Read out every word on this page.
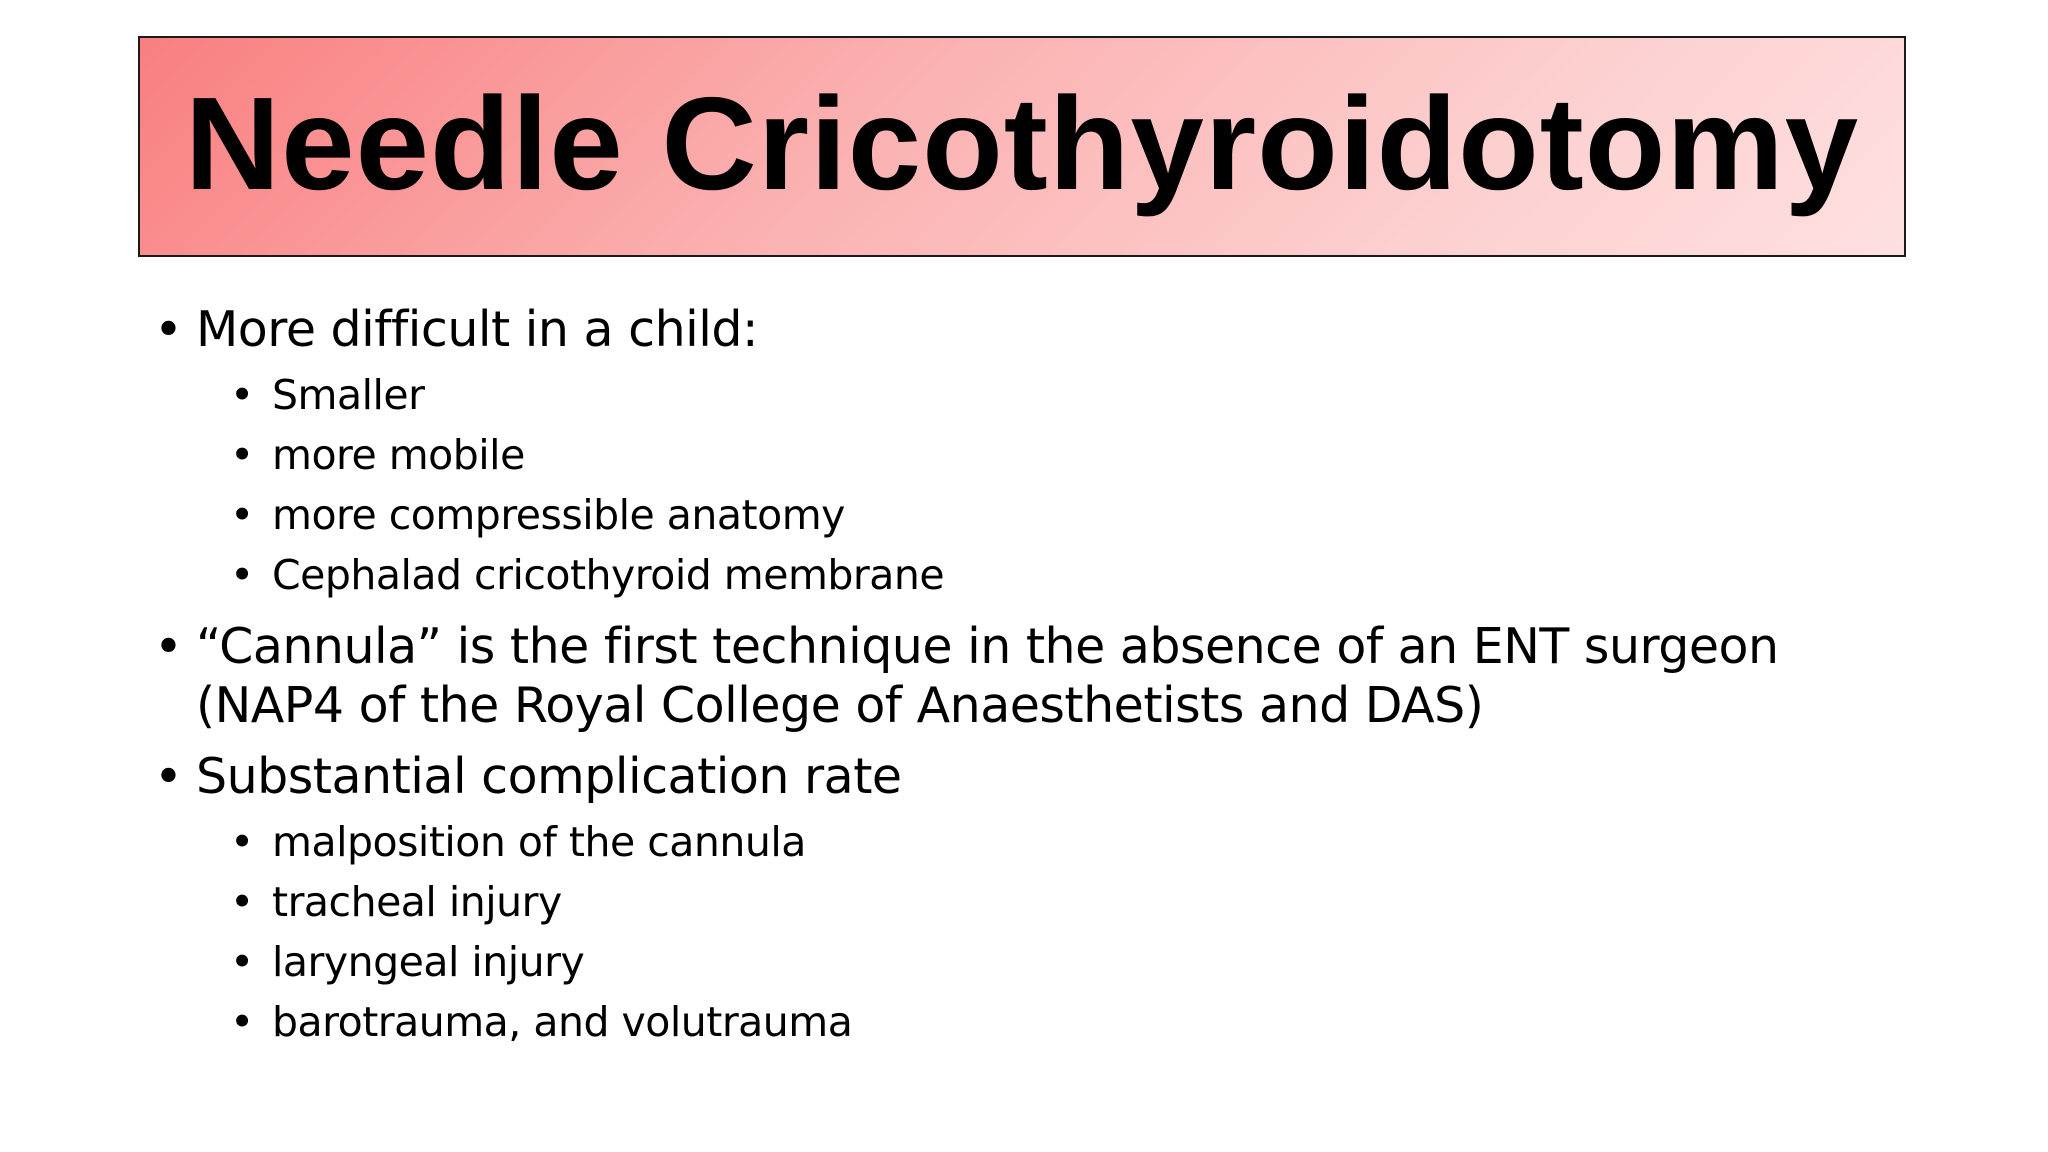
Needle Cricothyroidotomy
• More difficult in a child:
• Smaller
• more mobile
• more compressible anatomy
• Cephalad cricothyroid membrane
• “Cannula” is the first technique in the absence of an ENT surgeon (NAP4 of the Royal College of Anaesthetists and DAS)
• Substantial complication rate
• malposition of the cannula
• tracheal injury
• laryngeal injury
• barotrauma, and volutrauma
